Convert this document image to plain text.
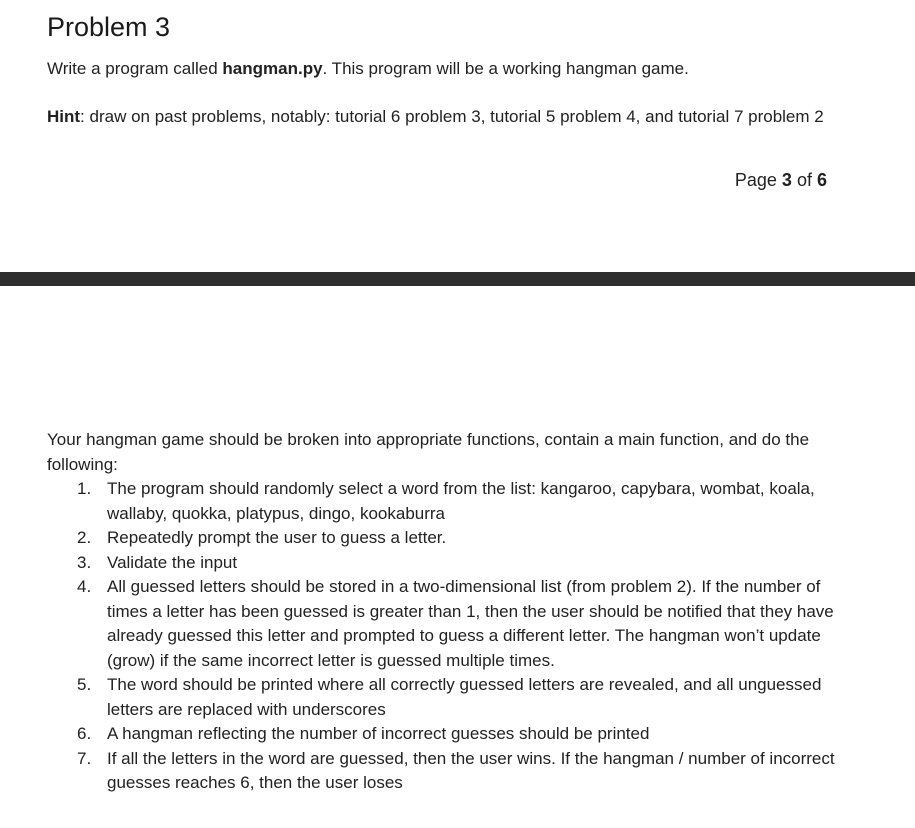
Problem 3

Write a program called hangman.py. This program will be a working hangman game.

Hint: draw on past problems, notably: tutorial 6 problem 3, tutorial 5 problem 4, and tutorial 7 problem 2

Page 3 of 6

Your hangman game should be broken into appropriate functions, contain a main function, and do the following:

1. The program should randomly select a word from the list: kangaroo, capybara, wombat, koala, wallaby, quokka, platypus, dingo, kookaburra
2. Repeatedly prompt the user to guess a letter.
3. Validate the input
4. All guessed letters should be stored in a two-dimensional list (from problem 2). If the number of times a letter has been guessed is greater than 1, then the user should be notified that they have already guessed this letter and prompted to guess a different letter. The hangman won’t update (grow) if the same incorrect letter is guessed multiple times.
5. The word should be printed where all correctly guessed letters are revealed, and all unguessed letters are replaced with underscores
6. A hangman reflecting the number of incorrect guesses should be printed
7. If all the letters in the word are guessed, then the user wins. If the hangman / number of incorrect guesses reaches 6, then the user loses
